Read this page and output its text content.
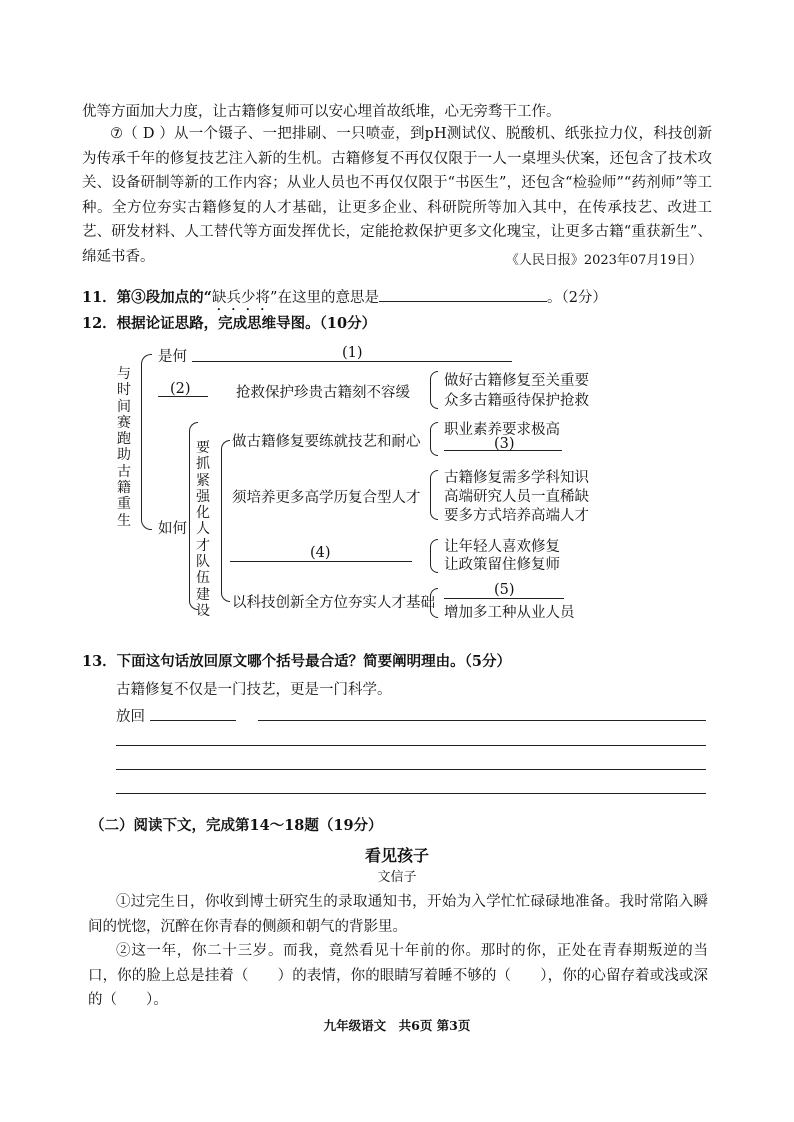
优等方面加大力度，让古籍修复师可以安心埋首故纸堆，心无旁骛干工作。
⑦（ D ）从一个镊子、一把排刷、一只喷壶，到pH测试仪、脱酸机、纸张拉力仪，科技创新为传承千年的修复技艺注入新的生机。古籍修复不再仅仅限于一人一桌埋头伏案，还包含了技术攻关、设备研制等新的工作内容；从业人员也不再仅仅限于“书医生”，还包含“检验师”“药剂师”等工种。全方位夯实古籍修复的人才基础，让更多企业、科研院所等加入其中，在传承技艺、改进工艺、研发材料、人工替代等方面发挥优长，定能抢救保护更多文化瑰宝，让更多古籍“重获新生”、绵延书香。	《人民日报》2023年07月19日）
11．第③段加点的“缺兵少将”在这里的意思是	。（2分）
12．根据论证思路，完成思维导图。（10分）
与时间赛跑助古籍重生
是何	(1)
(2)	抢救保护珍贵古籍刻不容缓
做好古籍修复至关重要
众多古籍亟待保护抢救
如何
要抓紧强化人才队伍建设
做古籍修复要练就技艺和耐心
职业素养要求极高
(3)
须培养更多高学历复合型人才
古籍修复需多学科知识
高端研究人员一直稀缺
要多方式培养高端人才
(4)	让年轻人喜欢修复
让政策留住修复师
以科技创新全方位夯实人才基础
(5)
增加多工种从业人员
13．下面这句话放回原文哪个括号最合适？简要阐明理由。（5分）
古籍修复不仅是一门技艺，更是一门科学。
放回
（二）阅读下文，完成第14～18题（19分）
看见孩子
文信子
①过完生日，你收到博士研究生的录取通知书，开始为入学忙忙碌碌地准备。我时常陷入瞬间的恍惚，沉醉在你青春的侧颜和朝气的背影里。
②这一年，你二十三岁。而我，竟然看见十年前的你。那时的你，正处在青春期叛逆的当口，你的脸上总是挂着（　　）的表情，你的眼睛写着睡不够的（　　），你的心留存着或浅或深的（　　）。
九年级语文　共6页 第3页
